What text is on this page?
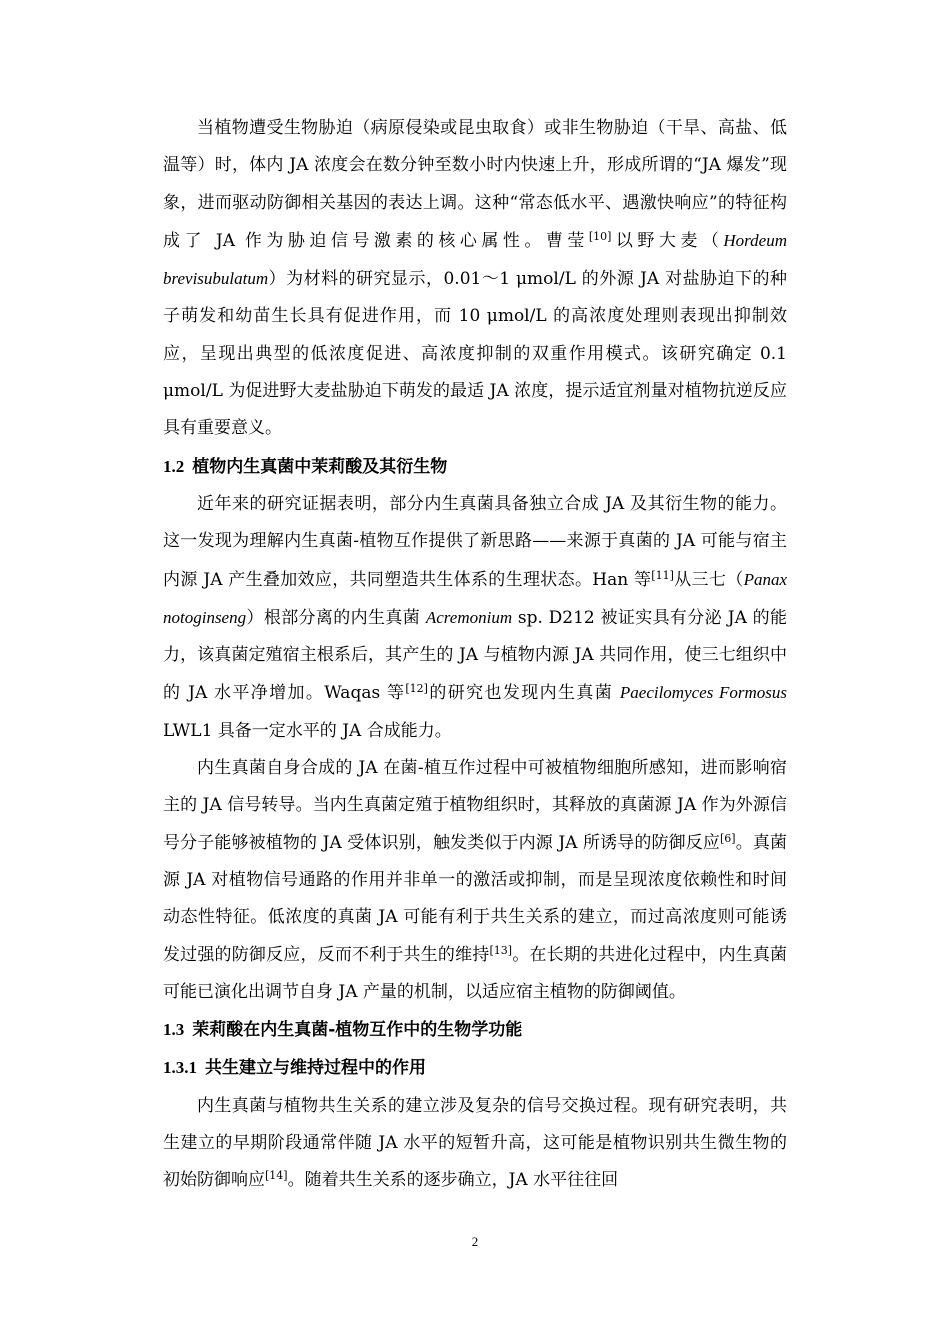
当植物遭受生物胁迫（病原侵染或昆虫取食）或非生物胁迫（干旱、高盐、低温等）时，体内 JA 浓度会在数分钟至数小时内快速上升，形成所谓的“JA 爆发”现象，进而驱动防御相关基因的表达上调。这种“常态低水平、遇激快响应”的特征构成了 JA 作为胁迫信号激素的核心属性。曹莹[10]以野大麦（Hordeum brevisubulatum）为材料的研究显示，0.01～1 μmol/L 的外源 JA 对盐胁迫下的种子萌发和幼苗生长具有促进作用，而 10 μmol/L 的高浓度处理则表现出抑制效应，呈现出典型的低浓度促进、高浓度抑制的双重作用模式。该研究确定 0.1 μmol/L 为促进野大麦盐胁迫下萌发的最适 JA 浓度，提示适宜剂量对植物抗逆反应具有重要意义。

1.2 植物内生真菌中茉莉酸及其衍生物

近年来的研究证据表明，部分内生真菌具备独立合成 JA 及其衍生物的能力。这一发现为理解内生真菌-植物互作提供了新思路——来源于真菌的 JA 可能与宿主内源 JA 产生叠加效应，共同塑造共生体系的生理状态。Han 等[11]从三七（Panax notoginseng）根部分离的内生真菌 Acremonium sp. D212 被证实具有分泌 JA 的能力，该真菌定殖宿主根系后，其产生的 JA 与植物内源 JA 共同作用，使三七组织中的 JA 水平净增加。Waqas 等[12]的研究也发现内生真菌 Paecilomyces Formosus LWL1 具备一定水平的 JA 合成能力。

内生真菌自身合成的 JA 在菌-植互作过程中可被植物细胞所感知，进而影响宿主的 JA 信号转导。当内生真菌定殖于植物组织时，其释放的真菌源 JA 作为外源信号分子能够被植物的 JA 受体识别，触发类似于内源 JA 所诱导的防御反应[6]。真菌源 JA 对植物信号通路的作用并非单一的激活或抑制，而是呈现浓度依赖性和时间动态性特征。低浓度的真菌 JA 可能有利于共生关系的建立，而过高浓度则可能诱发过强的防御反应，反而不利于共生的维持[13]。在长期的共进化过程中，内生真菌可能已演化出调节自身 JA 产量的机制，以适应宿主植物的防御阈值。

1.3 茉莉酸在内生真菌-植物互作中的生物学功能
1.3.1 共生建立与维持过程中的作用

内生真菌与植物共生关系的建立涉及复杂的信号交换过程。现有研究表明，共生建立的早期阶段通常伴随 JA 水平的短暂升高，这可能是植物识别共生微生物的初始防御响应[14]。随着共生关系的逐步确立，JA 水平往往回

2
